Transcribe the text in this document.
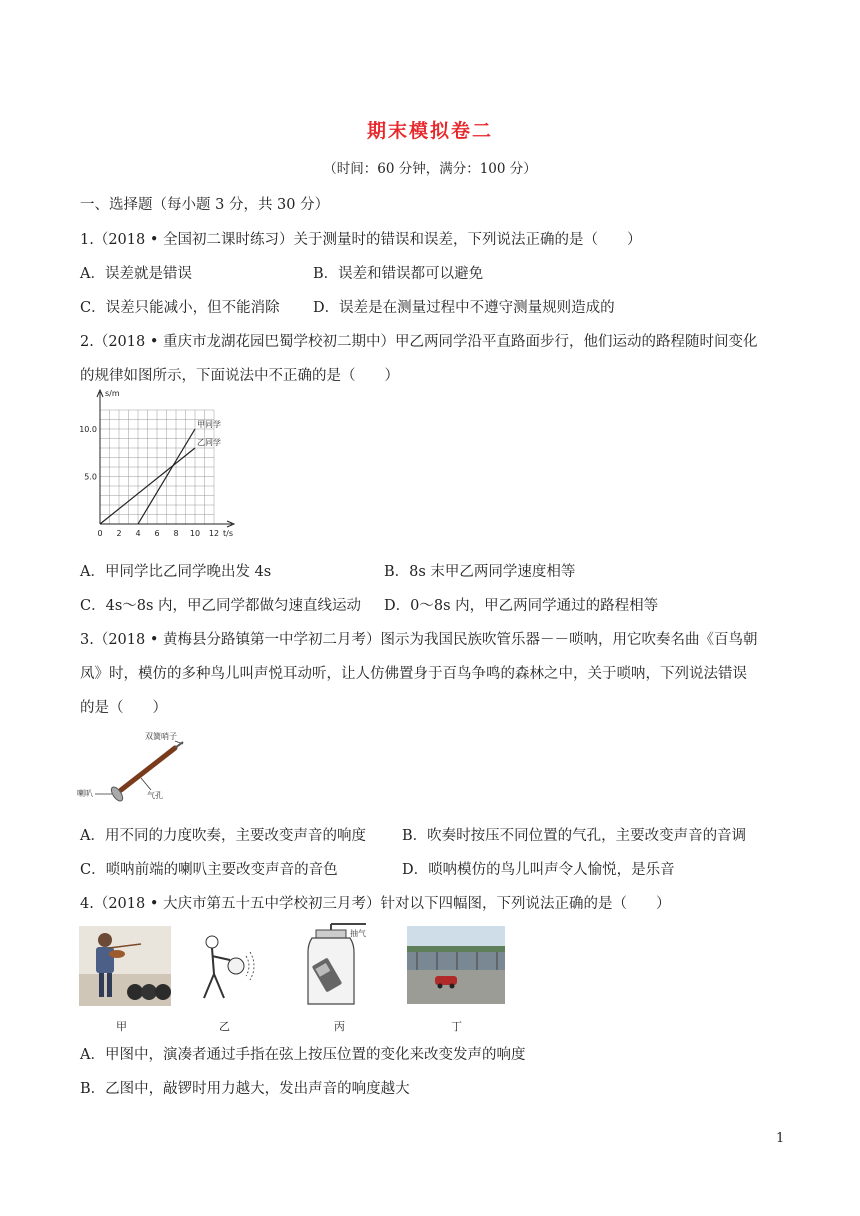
期末模拟卷二
（时间：60 分钟，满分：100 分）
一、选择题（每小题 3 分，共 30 分）
1.（2018 • 全国初二课时练习）关于测量时的错误和误差，下列说法正确的是（　　）
A．误差就是错误	B．误差和错误都可以避免
C．误差只能减小，但不能消除 D．误差是在测量过程中不遵守测量规则造成的
2.（2018 • 重庆市龙湖花园巴蜀学校初二期中）甲乙两同学沿平直路面步行，他们运动的路程随时间变化
的规律如图所示，下面说法中不正确的是（　　）
甲同学
乙同学
0 2 4 6 8 10 12
5.0
10.0
s/m
t/s
A．甲同学比乙同学晚出发 4s	B．8s 末甲乙两同学速度相等
C．4s～8s 内，甲乙同学都做匀速直线运动 D．0～8s 内，甲乙两同学通过的路程相等
3.（2018 • 黄梅县分路镇第一中学初二月考）图示为我国民族吹管乐器－－唢呐，用它吹奏名曲《百鸟朝
凤》时，模仿的多种鸟儿叫声悦耳动听，让人仿佛置身于百鸟争鸣的森林之中，关于唢呐，下列说法错误
的是（　　）
双簧哨子
喇叭	气孔
A．用不同的力度吹奏，主要改变声音的响度 B．吹奏时按压不同位置的气孔，主要改变声音的音调
C．唢呐前端的喇叭主要改变声音的音色	D．唢呐模仿的鸟儿叫声令人愉悦，是乐音
4.（2018 • 大庆市第五十五中学校初三月考）针对以下四幅图，下列说法正确的是（　　）
甲	乙
抽气
丙	丁
A．甲图中，演凑者通过手指在弦上按压位置的变化来改变发声的响度
B．乙图中，敲锣时用力越大，发出声音的响度越大
1
